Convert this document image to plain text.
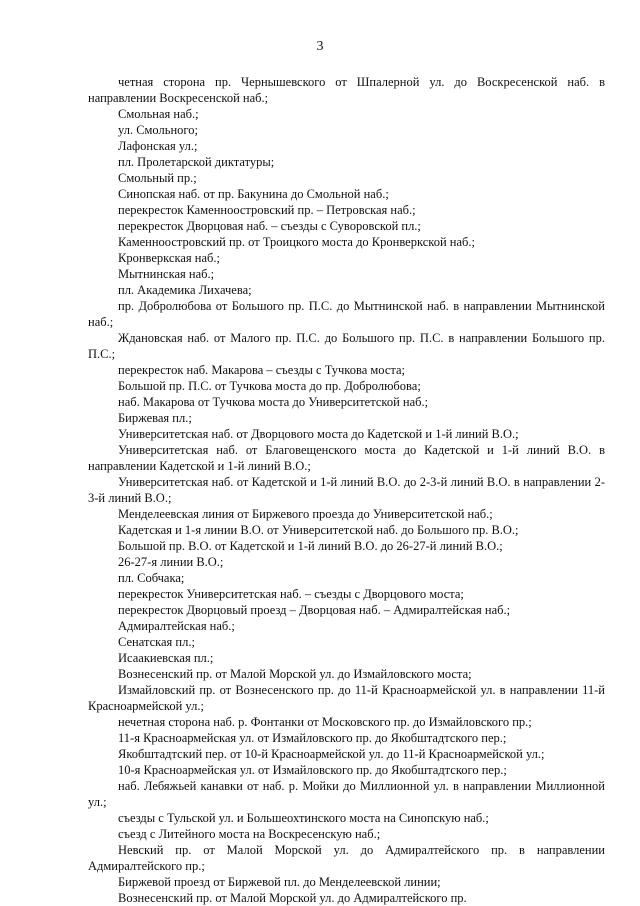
3

четная сторона пр. Чернышевского от Шпалерной ул. до Воскресенской наб. в направлении Воскресенской наб.;

Смольная наб.;

ул. Смольного;

Лафонская ул.;

пл. Пролетарской диктатуры;

Смольный пр.;

Синопская наб. от пр. Бакунина до Смольной наб.;

перекресток Каменноостровский пр. – Петровская наб.;

перекресток Дворцовая наб. – съезды с Суворовской пл.;

Каменноостровский пр. от Троицкого моста до Кронверкской наб.;

Кронверкская наб.;

Мытнинская наб.;

пл. Академика Лихачева;

пр. Добролюбова от Большого пр. П.С. до Мытнинской наб. в направлении Мытнинской наб.;

Ждановская наб. от Малого пр. П.С. до Большого пр. П.С. в направлении Большого пр. П.С.;

перекресток наб. Макарова – съезды с Тучкова моста;

Большой пр. П.С. от Тучкова моста до пр. Добролюбова;

наб. Макарова от Тучкова моста до Университетской наб.;

Биржевая пл.;

Университетская наб. от Дворцового моста до Кадетской и 1-й линий В.О.;

Университетская наб. от Благовещенского моста до Кадетской и 1-й линий В.О. в направлении Кадетской и 1-й линий В.О.;

Университетская наб. от Кадетской и 1-й линий В.О. до 2-3-й линий В.О. в направлении 2-3-й линий В.О.;

Менделеевская линия от Биржевого проезда до Университетской наб.;

Кадетская и 1-я линии В.О. от Университетской наб. до Большого пр. В.О.;

Большой пр. В.О. от Кадетской и 1-й линий В.О. до 26-27-й линий В.О.;

26-27-я линии В.О.;

пл. Собчака;

перекресток Университетская наб. – съезды с Дворцового моста;

перекресток Дворцовый проезд – Дворцовая наб. – Адмиралтейская наб.;

Адмиралтейская наб.;

Сенатская пл.;

Исаакиевская пл.;

Вознесенский пр. от Малой Морской ул. до Измайловского моста;

Измайловский пр. от Вознесенского пр. до 11-й Красноармейской ул. в направлении 11-й Красноармейской ул.;

нечетная сторона наб. р. Фонтанки от Московского пр. до Измайловского пр.;

11-я Красноармейская ул. от Измайловского пр. до Якобштадтского пер.;

Якобштадтский пер. от 10-й Красноармейской ул. до 11-й Красноармейской ул.;

10-я Красноармейская ул. от Измайловского пр. до Якобштадтского пер.;

наб. Лебяжьей канавки от наб. р. Мойки до Миллионной ул. в направлении Миллионной ул.;

съезды с Тульской ул. и Большеохтинского моста на Синопскую наб.;

съезд с Литейного моста на Воскресенскую наб.;

Невский пр. от Малой Морской ул. до Адмиралтейского пр. в направлении Адмиралтейского пр.;

Биржевой проезд от Биржевой пл. до Менделеевской линии;

Вознесенский пр. от Малой Морской ул. до Адмиралтейского пр.
